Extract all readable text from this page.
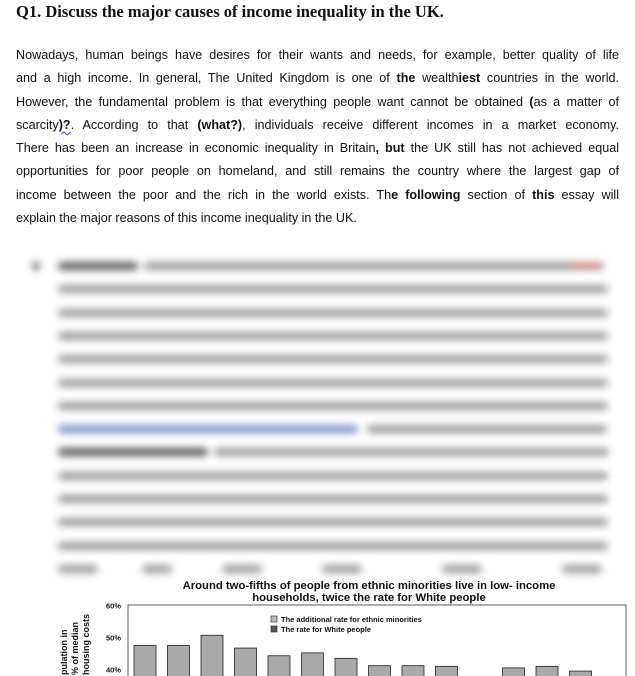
Q1. Discuss the major causes of income inequality in the UK.
Nowadays, human beings have desires for their wants and needs, for example, better quality of life
and a high income. In general, The United Kingdom is one of the wealthiest countries in the world.
However, the fundamental problem is that everything people want cannot be obtained (as a matter of
scarcity)?. According to that (what?), individuals receive different incomes in a market economy.
There has been an increase in economic inequality in Britain, but the UK still has not achieved equal
opportunities for poor people on homeland, and still remains the country where the largest gap of
income between the poor and the rich in the world exists. The following section of this essay will
explain the major reasons of this income inequality in the UK.
Around two-fifths of people from ethnic minorities live in low- income
households, twice the rate for White people
pulation in % of median housing costs
60%
50%
40%
The additional rate for ethnic minorities
The rate for White people
